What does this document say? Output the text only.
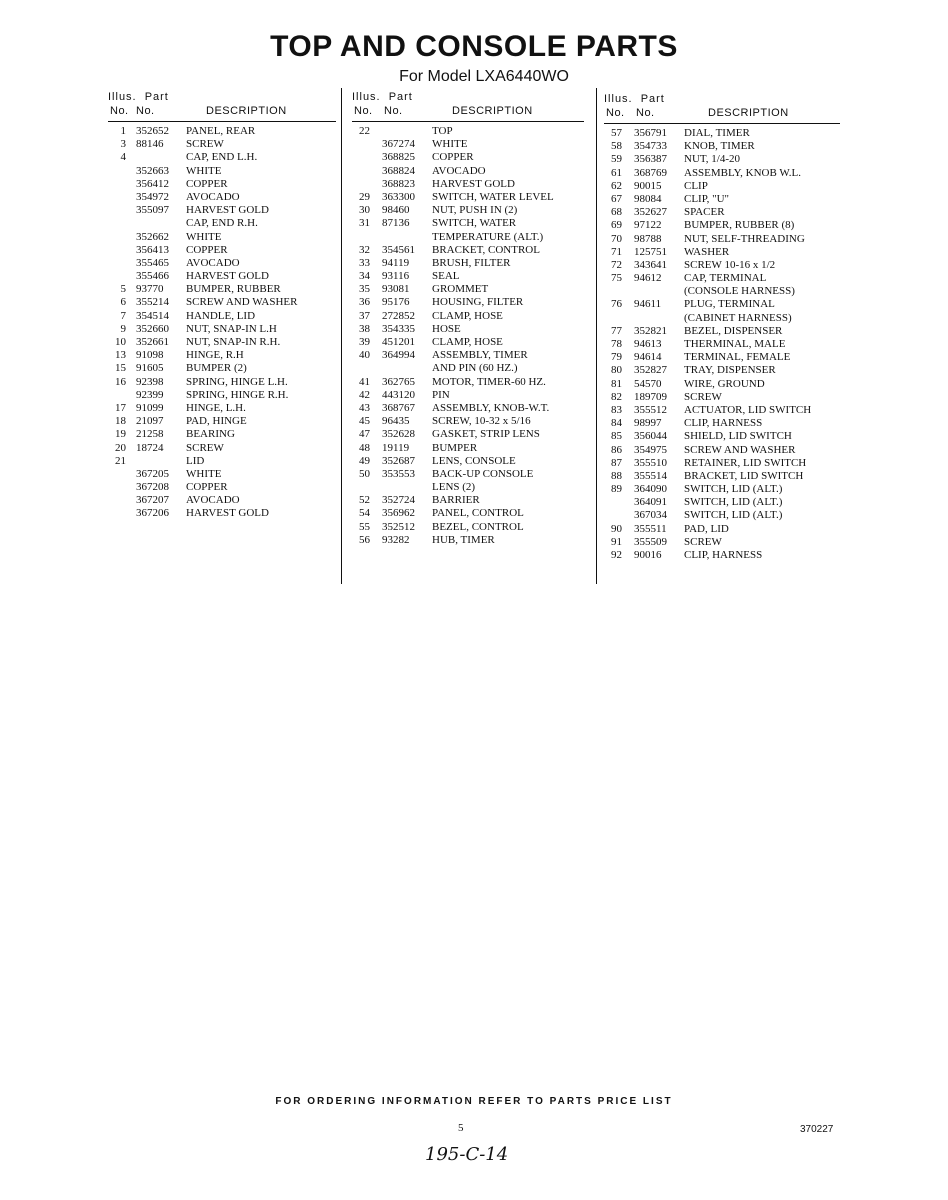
TOP AND CONSOLE PARTS
For Model LXA6440WO
Illus. Part
No. No.	DESCRIPTION
1 352652 PANEL, REAR
3 88146 SCREW
4	CAP, END L.H.
352663 WHITE
356412 COPPER
354972 AVOCADO
355097 HARVEST GOLD
CAP, END R.H.
352662 WHITE
356413 COPPER
355465 AVOCADO
355466 HARVEST GOLD
5 93770 BUMPER, RUBBER
6 355214 SCREW AND WASHER
7 354514 HANDLE, LID
9 352660 NUT, SNAP-IN L.H
10 352661 NUT, SNAP-IN R.H.
13 91098 HINGE, R.H
15 91605 BUMPER (2)
16 92398 SPRING, HINGE L.H.
92399 SPRING, HINGE R.H.
17 91099 HINGE, L.H.
18 21097 PAD, HINGE
19 21258 BEARING
20 18724 SCREW
21	LID
367205 WHITE
367208 COPPER
367207 AVOCADO
367206 HARVEST GOLD
Illus. Part
No. No.	DESCRIPTION
22	TOP
367274 WHITE
368825 COPPER
368824 AVOCADO
368823 HARVEST GOLD
29 363300 SWITCH, WATER LEVEL
30 98460 NUT, PUSH IN (2)
31 87136 SWITCH, WATER
TEMPERATURE (ALT.)
32 354561 BRACKET, CONTROL
33 94119 BRUSH, FILTER
34 93116 SEAL
35 93081 GROMMET
36 95176 HOUSING, FILTER
37 272852 CLAMP, HOSE
38 354335 HOSE
39 451201 CLAMP, HOSE
40 364994 ASSEMBLY, TIMER
AND PIN (60 HZ.)
41 362765 MOTOR, TIMER-60 HZ.
42 443120 PIN
43 368767 ASSEMBLY, KNOB-W.T.
45 96435 SCREW, 10-32 x 5/16
47 352628 GASKET, STRIP LENS
48 19119 BUMPER
49 352687 LENS, CONSOLE
50 353553 BACK-UP CONSOLE
LENS (2)
52 352724 BARRIER
54 356962 PANEL, CONTROL
55 352512 BEZEL, CONTROL
56 93282 HUB, TIMER
Illus. Part
No. No.	DESCRIPTION
57 356791 DIAL, TIMER
58 354733 KNOB, TIMER
59 356387 NUT, 1/4-20
61 368769 ASSEMBLY, KNOB W.L.
62 90015 CLIP
67 98084 CLIP, "U"
68 352627 SPACER
69 97122 BUMPER, RUBBER (8)
70 98788 NUT, SELF-THREADING
71 125751 WASHER
72 343641 SCREW 10-16 x 1/2
75 94612 CAP, TERMINAL
(CONSOLE HARNESS)
76 94611 PLUG, TERMINAL
(CABINET HARNESS)
77 352821 BEZEL, DISPENSER
78 94613 THERMINAL, MALE
79 94614 TERMINAL, FEMALE
80 352827 TRAY, DISPENSER
81 54570 WIRE, GROUND
82 189709 SCREW
83 355512 ACTUATOR, LID SWITCH
84 98997 CLIP, HARNESS
85 356044 SHIELD, LID SWITCH
86 354975 SCREW AND WASHER
87 355510 RETAINER, LID SWITCH
88 355514 BRACKET, LID SWITCH
89 364090 SWITCH, LID (ALT.)
364091 SWITCH, LID (ALT.)
367034 SWITCH, LID (ALT.)
90 355511 PAD, LID
91 355509 SCREW
92 90016 CLIP, HARNESS
FOR ORDERING INFORMATION REFER TO PARTS PRICE LIST
5	370227
195-C-14
